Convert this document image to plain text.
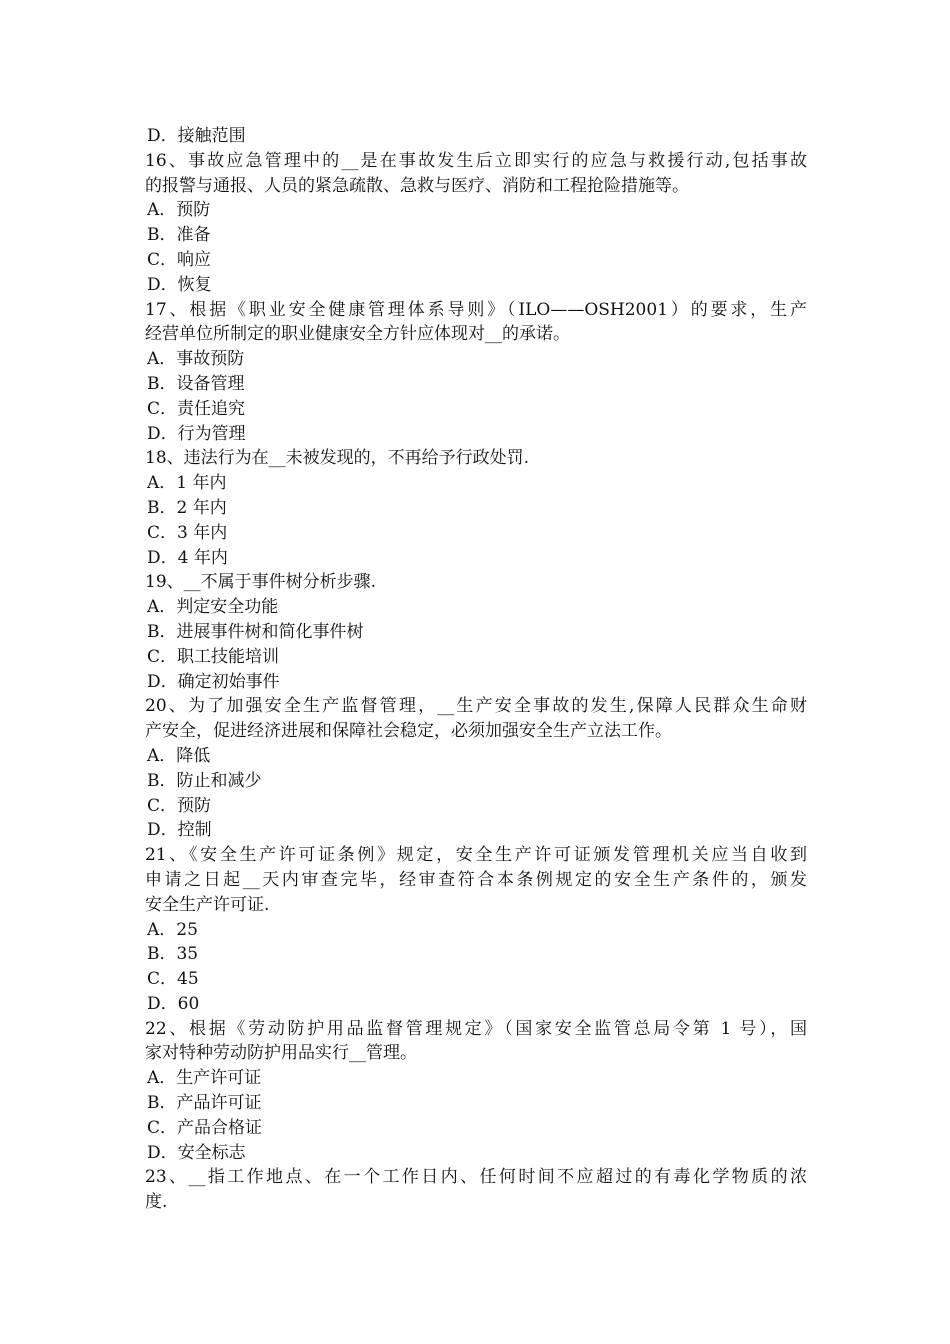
D．接触范围
16、事故应急管理中的__是在事故发生后立即实行的应急与救援行动,包括事故
的报警与通报、人员的紧急疏散、急救与医疗、消防和工程抢险措施等。
A．预防
B．准备
C．响应
D．恢复
17、根据《职业安全健康管理体系导则》（ILO——OSH2001）的要求，生产
经营单位所制定的职业健康安全方针应体现对__的承诺。
A．事故预防
B．设备管理
C．责任追究
D．行为管理
18、违法行为在__未被发现的，不再给予行政处罚.
A．1 年内
B．2 年内
C．3 年内
D．4 年内
19、__不属于事件树分析步骤.
A．判定安全功能
B．进展事件树和简化事件树
C．职工技能培训
D．确定初始事件
20、为了加强安全生产监督管理，__生产安全事故的发生,保障人民群众生命财
产安全，促进经济进展和保障社会稳定，必须加强安全生产立法工作。
A．降低
B．防止和减少
C．预防
D．控制
21、《安全生产许可证条例》规定，安全生产许可证颁发管理机关应当自收到
申请之日起__天内审查完毕，经审查符合本条例规定的安全生产条件的，颁发
安全生产许可证.
A．25
B．35
C．45
D．60
22、根据《劳动防护用品监督管理规定》（国家安全监管总局令第 1 号），国
家对特种劳动防护用品实行__管理。
A．生产许可证
B．产品许可证
C．产品合格证
D．安全标志
23、__指工作地点、在一个工作日内、任何时间不应超过的有毒化学物质的浓
度.
